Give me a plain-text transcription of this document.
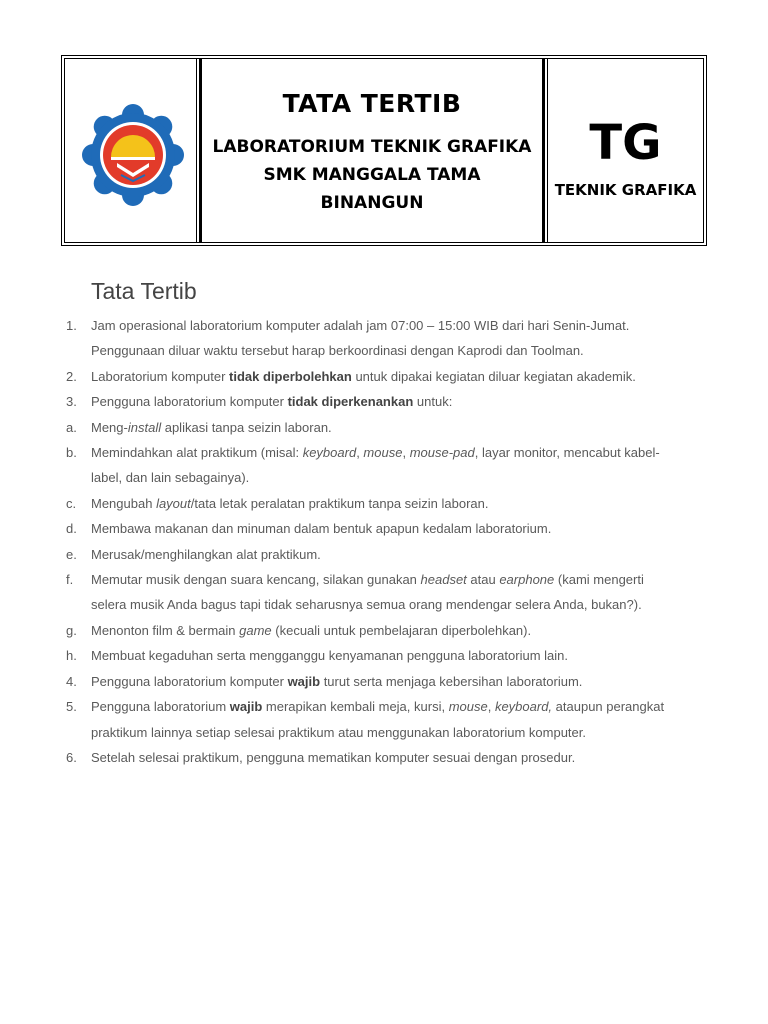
TATA TERTIB
LABORATORIUM TEKNIK GRAFIKA
SMK MANGGALA TAMA
BINANGUN
TG
TEKNIK GRAFIKA
Tata Tertib
1.	Jam operasional laboratorium komputer adalah jam 07:00 – 15:00 WIB dari hari Senin-Jumat. Penggunaan diluar waktu tersebut harap berkoordinasi dengan Kaprodi dan Toolman.
2.	Laboratorium komputer tidak diperbolehkan untuk dipakai kegiatan diluar kegiatan akademik.
3.	Pengguna laboratorium komputer tidak diperkenankan untuk:
a.	Meng-install aplikasi tanpa seizin laboran.
b.	Memindahkan alat praktikum (misal: keyboard, mouse, mouse-pad, layar monitor, mencabut kabel-label, dan lain sebagainya).
c.	Mengubah layout/tata letak peralatan praktikum tanpa seizin laboran.
d.	Membawa makanan dan minuman dalam bentuk apapun kedalam laboratorium.
e.	Merusak/menghilangkan alat praktikum.
f.	Memutar musik dengan suara kencang, silakan gunakan headset atau earphone (kami mengerti selera musik Anda bagus tapi tidak seharusnya semua orang mendengar selera Anda, bukan?).
g.	Menonton film & bermain game (kecuali untuk pembelajaran diperbolehkan).
h.	Membuat kegaduhan serta mengganggu kenyamanan pengguna laboratorium lain.
4.	Pengguna laboratorium komputer wajib turut serta menjaga kebersihan laboratorium.
5.	Pengguna laboratorium wajib merapikan kembali meja, kursi, mouse, keyboard, ataupun perangkat praktikum lainnya setiap selesai praktikum atau menggunakan laboratorium komputer.
6.	Setelah selesai praktikum, pengguna mematikan komputer sesuai dengan prosedur.
